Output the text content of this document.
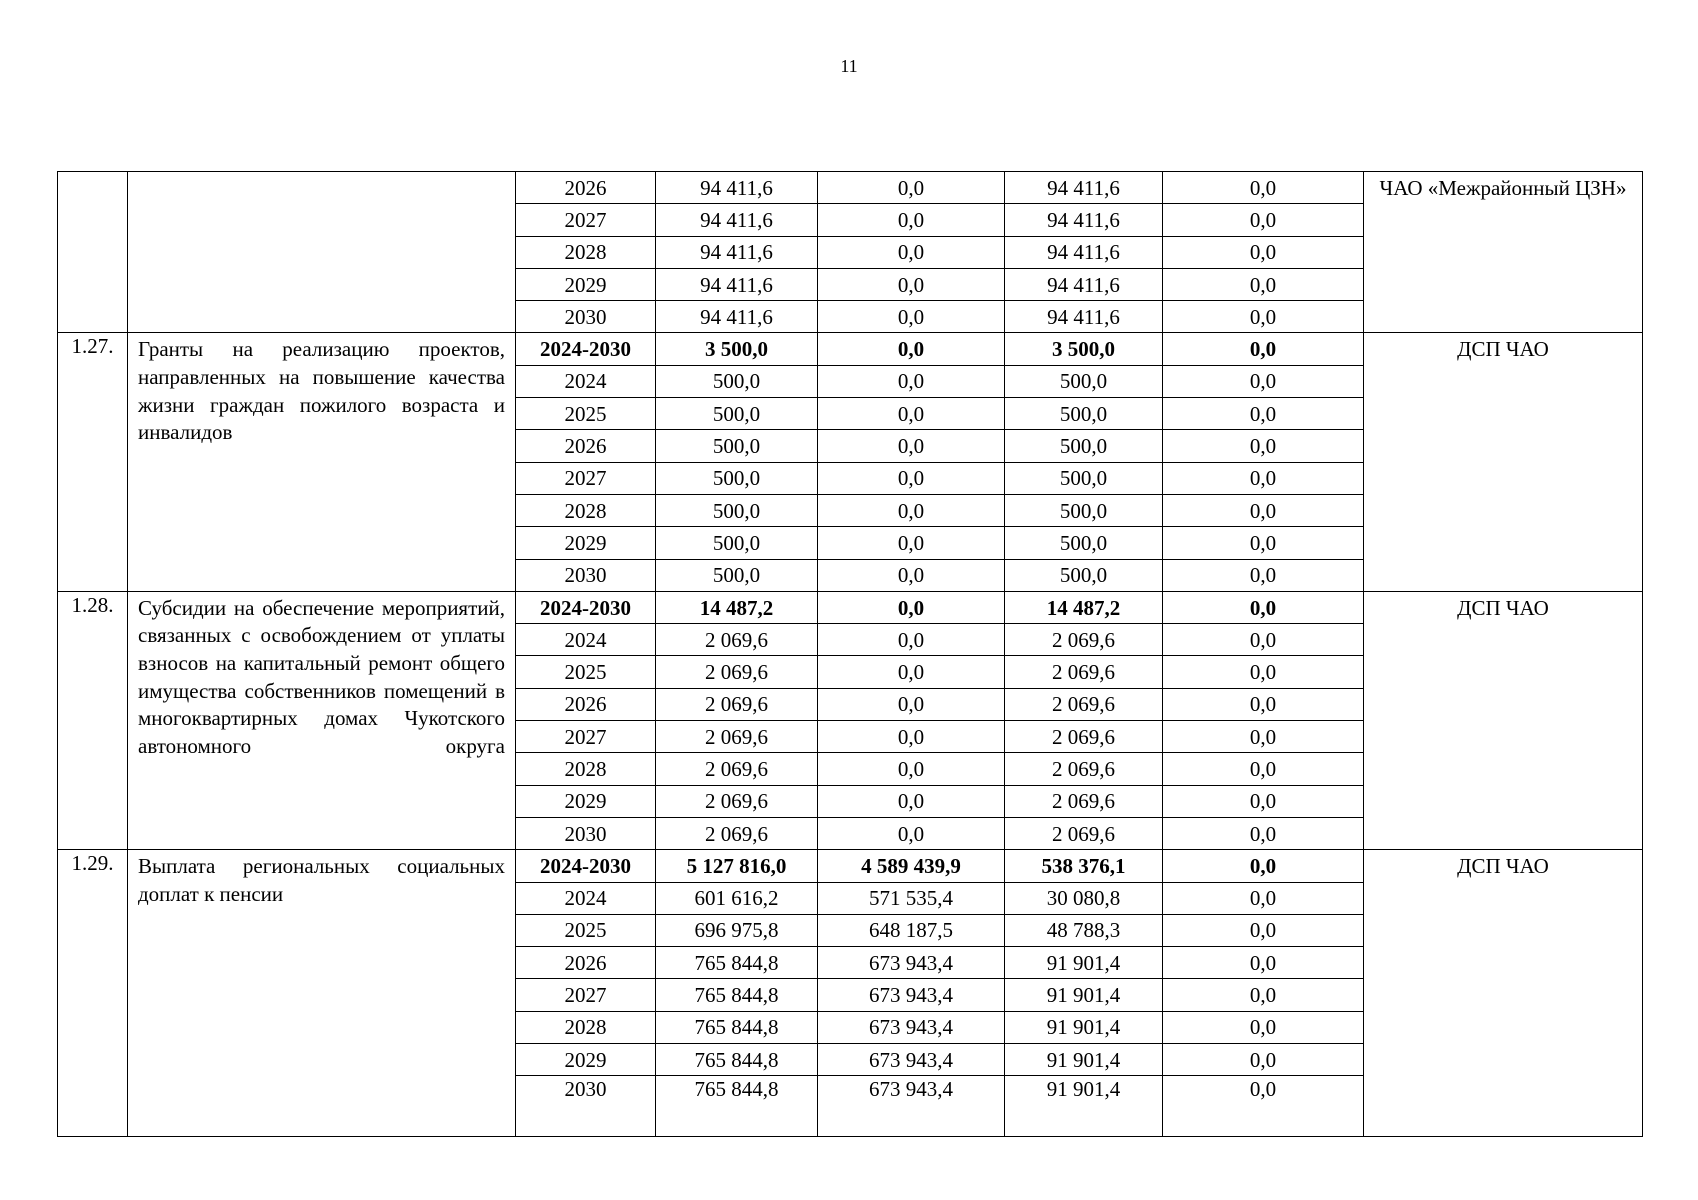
11
		2026	94 411,6	0,0	94 411,6	0,0	ЧАО «Межрайонный ЦЗН»
		2027	94 411,6	0,0	94 411,6	0,0	
		2028	94 411,6	0,0	94 411,6	0,0	
		2029	94 411,6	0,0	94 411,6	0,0	
		2030	94 411,6	0,0	94 411,6	0,0	
1.27.	Гранты на реализацию проектов, направленных на повышение качества жизни граждан пожилого возраста и инвалидов	2024-2030	3 500,0	0,0	3 500,0	0,0	ДСП ЧАО
		2024	500,0	0,0	500,0	0,0	
		2025	500,0	0,0	500,0	0,0	
		2026	500,0	0,0	500,0	0,0	
		2027	500,0	0,0	500,0	0,0	
		2028	500,0	0,0	500,0	0,0	
		2029	500,0	0,0	500,0	0,0	
		2030	500,0	0,0	500,0	0,0	
1.28.	Субсидии на обеспечение мероприятий, связанных с освобождением от уплаты взносов на капитальный ремонт общего имущества собственников помещений в многоквартирных домах Чукотского автономного округа	2024-2030	14 487,2	0,0	14 487,2	0,0	ДСП ЧАО
		2024	2 069,6	0,0	2 069,6	0,0	
		2025	2 069,6	0,0	2 069,6	0,0	
		2026	2 069,6	0,0	2 069,6	0,0	
		2027	2 069,6	0,0	2 069,6	0,0	
		2028	2 069,6	0,0	2 069,6	0,0	
		2029	2 069,6	0,0	2 069,6	0,0	
		2030	2 069,6	0,0	2 069,6	0,0	
1.29.	Выплата региональных социальных доплат к пенсии	2024-2030	5 127 816,0	4 589 439,9	538 376,1	0,0	ДСП ЧАО
		2024	601 616,2	571 535,4	30 080,8	0,0	
		2025	696 975,8	648 187,5	48 788,3	0,0	
		2026	765 844,8	673 943,4	91 901,4	0,0	
		2027	765 844,8	673 943,4	91 901,4	0,0	
		2028	765 844,8	673 943,4	91 901,4	0,0	
		2029	765 844,8	673 943,4	91 901,4	0,0	
		2030	765 844,8	673 943,4	91 901,4	0,0	
